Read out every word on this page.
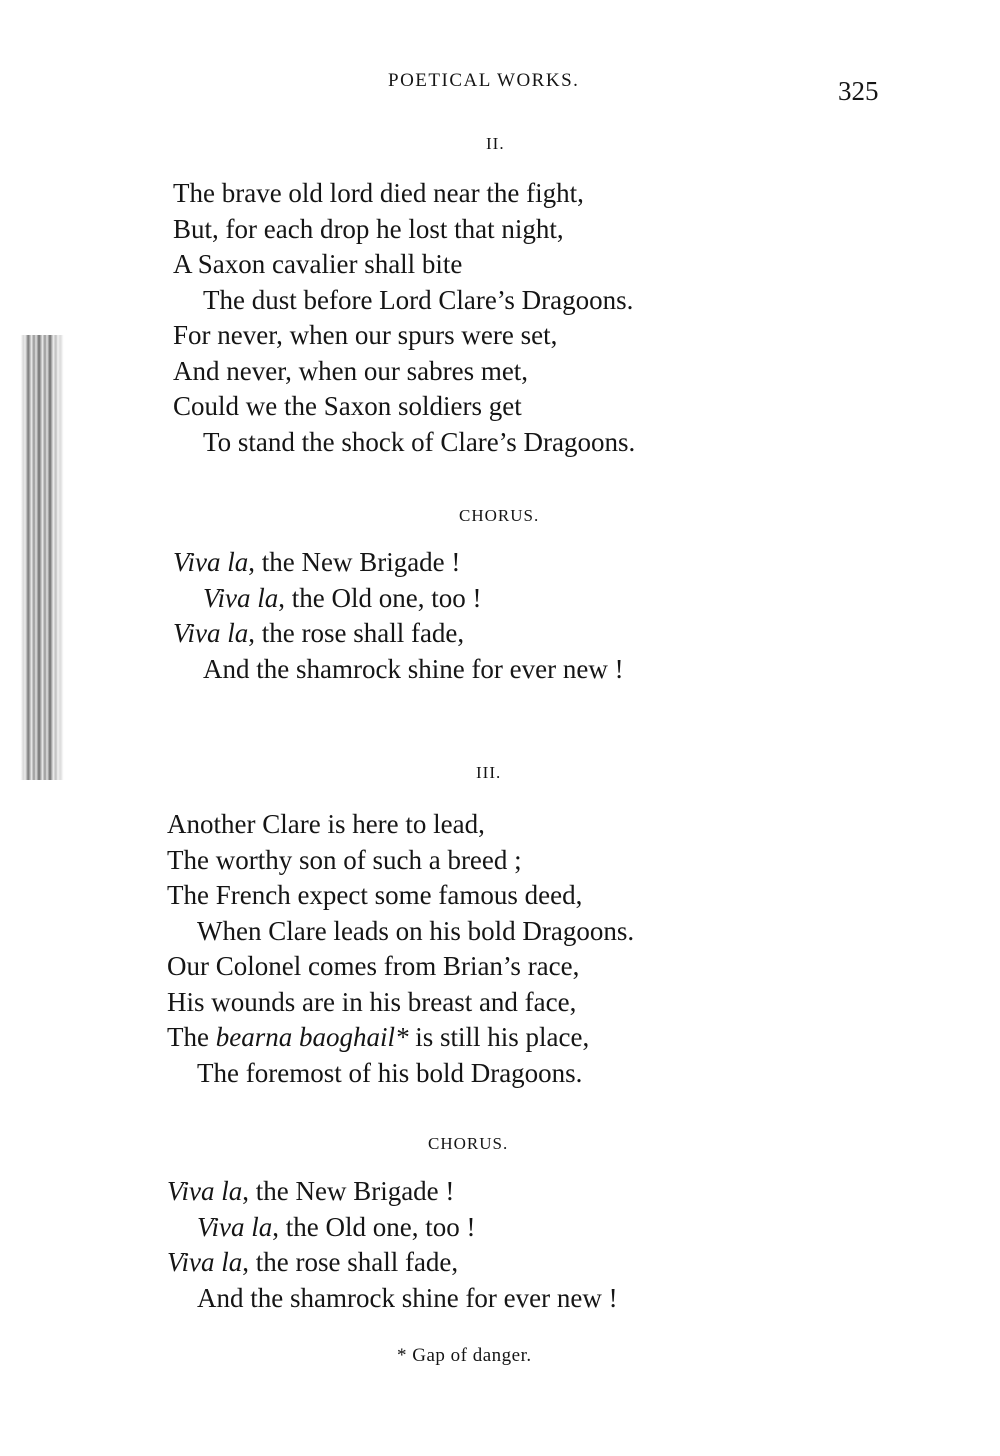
POETICAL WORKS.	325
II.
The brave old lord died near the fight,
But, for each drop he lost that night,
A Saxon cavalier shall bite
The dust before Lord Clare’s Dragoons.
For never, when our spurs were set,
And never, when our sabres met,
Could we the Saxon soldiers get
To stand the shock of Clare’s Dragoons.
CHORUS.
Viva la, the New Brigade !
Viva la, the Old one, too !
Viva la, the rose shall fade,
And the shamrock shine for ever new !
III.
Another Clare is here to lead,
The worthy son of such a breed ;
The French expect some famous deed,
When Clare leads on his bold Dragoons.
Our Colonel comes from Brian’s race,
His wounds are in his breast and face,
The bearna baoghail* is still his place,
The foremost of his bold Dragoons.
CHORUS.
Viva la, the New Brigade !
Viva la, the Old one, too !
Viva la, the rose shall fade,
And the shamrock shine for ever new !
* Gap of danger.
